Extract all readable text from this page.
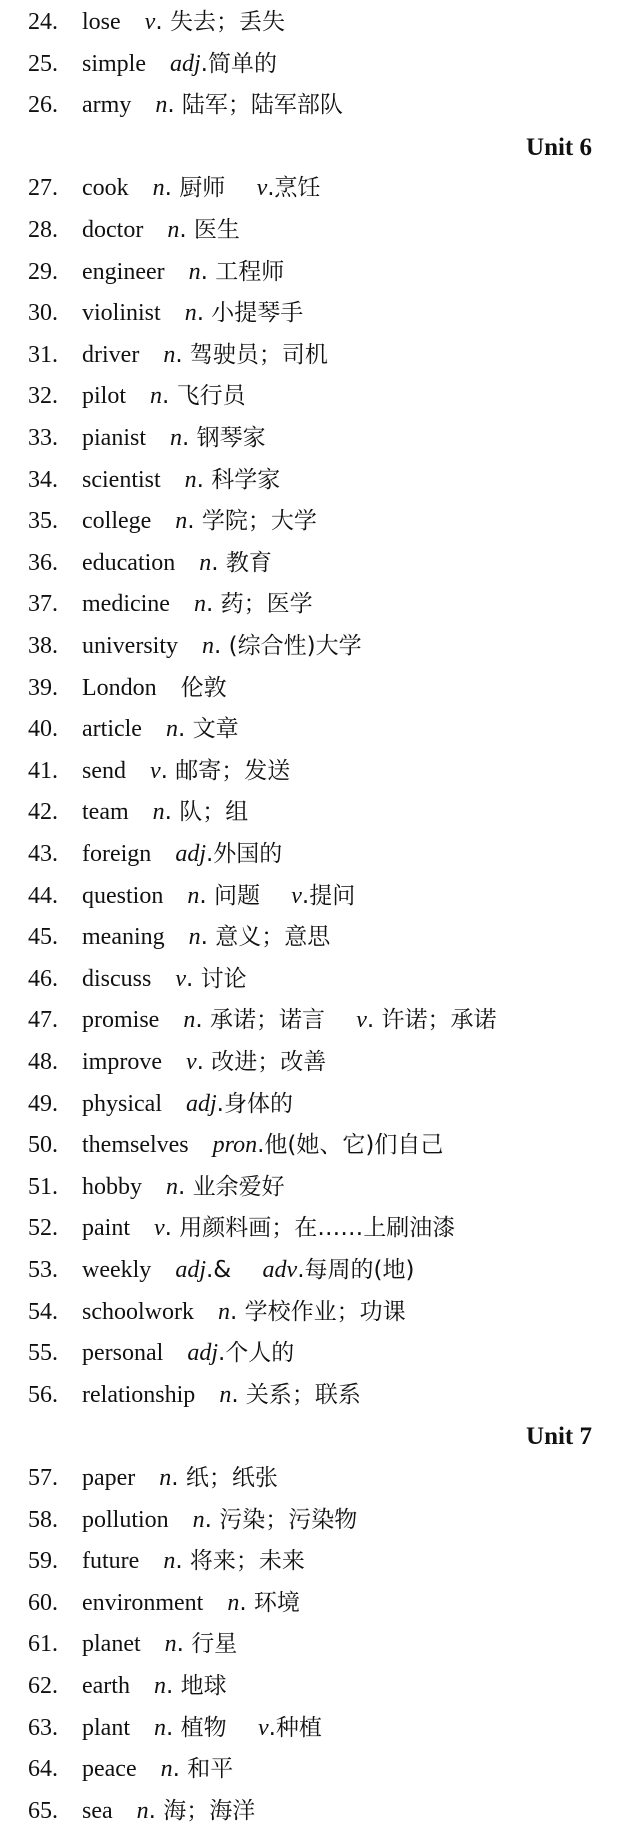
24. lose  v. 失去；丢失
25. simple  adj.简单的
26. army  n. 陆军；陆军部队
Unit 6
27. cook  n. 厨师  v.烹饪
28. doctor  n. 医生
29. engineer  n. 工程师
30. violinist  n. 小提琴手
31. driver  n. 驾驶员；司机
32. pilot  n. 飞行员
33. pianist  n. 钢琴家
34. scientist  n. 科学家
35. college  n. 学院；大学
36. education  n. 教育
37. medicine  n. 药；医学
38. university  n. (综合性)大学
39. London  伦敦
40. article  n. 文章
41. send  v. 邮寄；发送
42. team  n. 队；组
43. foreign  adj.外国的
44. question  n. 问题  v.提问
45. meaning  n. 意义；意思
46. discuss  v. 讨论
47. promise  n. 承诺；诺言  v. 许诺；承诺
48. improve  v. 改进；改善
49. physical  adj.身体的
50. themselves  pron.他(她、它)们自己
51. hobby  n. 业余爱好
52. paint  v. 用颜料画；在……上刷油漆
53. weekly  adj.&  adv.每周的(地)
54. schoolwork  n. 学校作业；功课
55. personal  adj.个人的
56. relationship  n. 关系；联系
Unit 7
57. paper  n. 纸；纸张
58. pollution  n. 污染；污染物
59. future  n. 将来；未来
60. environment  n. 环境
61. planet  n. 行星
62. earth  n. 地球
63. plant  n. 植物  v.种植
64. peace  n. 和平
65. sea  n. 海；海洋
